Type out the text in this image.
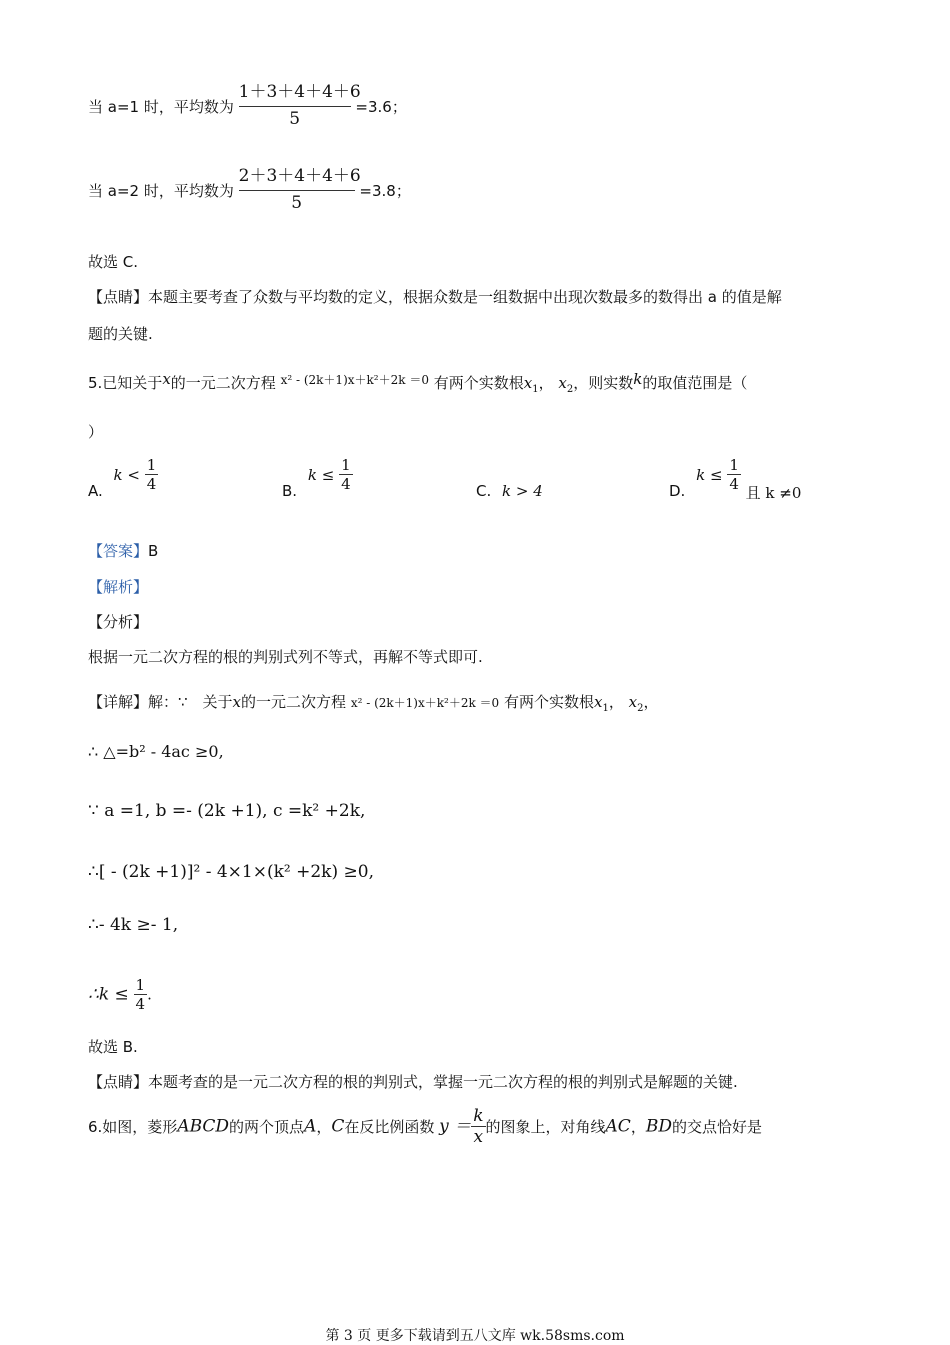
当 a=1 时，平均数为 $\frac{1+3+4+4+6}{5} =3.6$；
当 a=2 时，平均数为 $\frac{2+3+4+4+6}{5} =3.8$；
故选 C.
【点睛】本题主要考查了众数与平均数的定义，根据众数是一组数据中出现次数最多的数得出 a 的值是解
题的关键.
5.已知关于x的一元二次方程 $^{x^2 - (2k+1)x+k^2+2k =0}$ 有两个实数根$x_1$， $x_2$，则实数k的取值范围是（
）
A. $k < \frac{1}{4}$	B. $k \le \frac{1}{4}$	C. k > 4	D. $k \le \frac{1}{4}$ 且 k ≠0
【答案】B
【解析】
【分析】
根据一元二次方程的根的判别式列不等式，再解不等式即可.
【详解】解：∵　关于x的一元二次方程 x² - (2k＋1)x＋k²＋2k ＝0 有两个实数根$x_1$， $x_2$，
∴ △=b² - 4ac ≥0,
∵ a =1, b =- (2k +1), c =k² +2k,
∴[ - (2k +1)]² - 4×1×(k² +2k) ≥0,
∴- 4k ≥- 1,
∴k ≤ $\frac{1}{4}$ .
故选 B.
【点睛】本题考查的是一元二次方程的根的判别式，掌握一元二次方程的根的判别式是解题的关键.
6.如图，菱形ABCD的两个顶点A，C在反比例函数 $y = \frac{k}{x}$ 的图象上，对角线AC，BD的交点恰好是
第 3 页 更多下载请到五八文库 wk.58sms.com
